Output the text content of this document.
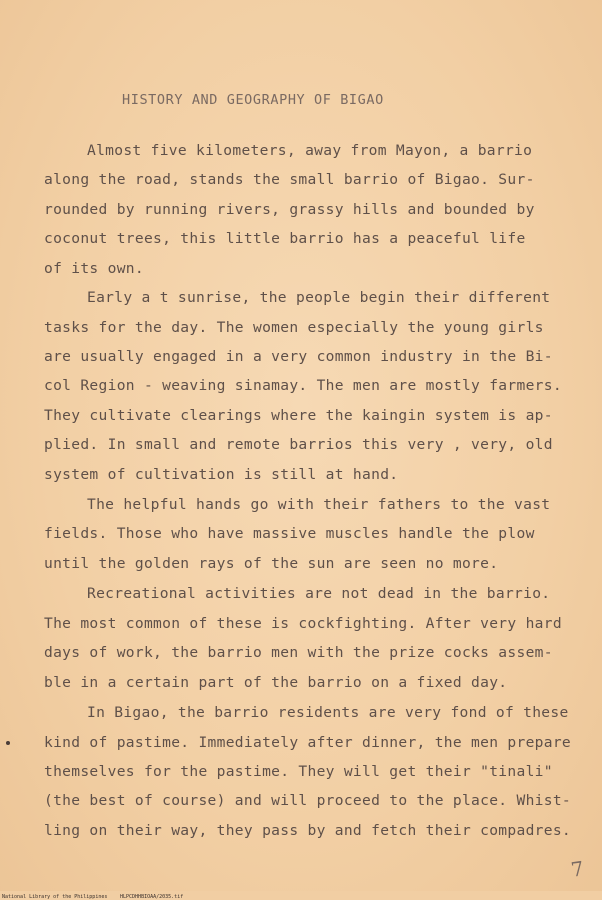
HISTORY AND GEOGRAPHY OF BIGAO
Almost five kilometers, away from Mayon, a barrio
along the road, stands the small barrio of Bigao. Sur-
rounded by running rivers, grassy hills and bounded by
coconut trees, this little barrio has a peaceful life
of its own.
Early a t sunrise, the people begin their different
tasks for the day. The women especially the young girls
are usually engaged in a very common industry in the Bi-
col Region - weaving sinamay. The men are mostly farmers.
They cultivate clearings where the kaingin system is ap-
plied. In small and remote barrios this very , very, old
system of cultivation is still at hand.
The helpful hands go with their fathers to the vast
fields. Those who have massive muscles handle the plow
until the golden rays of the sun are seen no more.
Recreational activities are not dead in the barrio.
The most common of these is cockfighting. After very hard
days of work, the barrio men with the prize cocks assem-
ble in a certain part of the barrio on a fixed day.
In Bigao, the barrio residents are very fond of these
kind of pastime. Immediately after dinner, the men prepare
themselves for the pastime. They will get their "tinali"
(the best of course) and will proceed to the place. Whist-
ling on their way, they pass by and fetch their compadres.
7
National Library of the Philippines	HLPCDHHBIOAA/2035.tif
